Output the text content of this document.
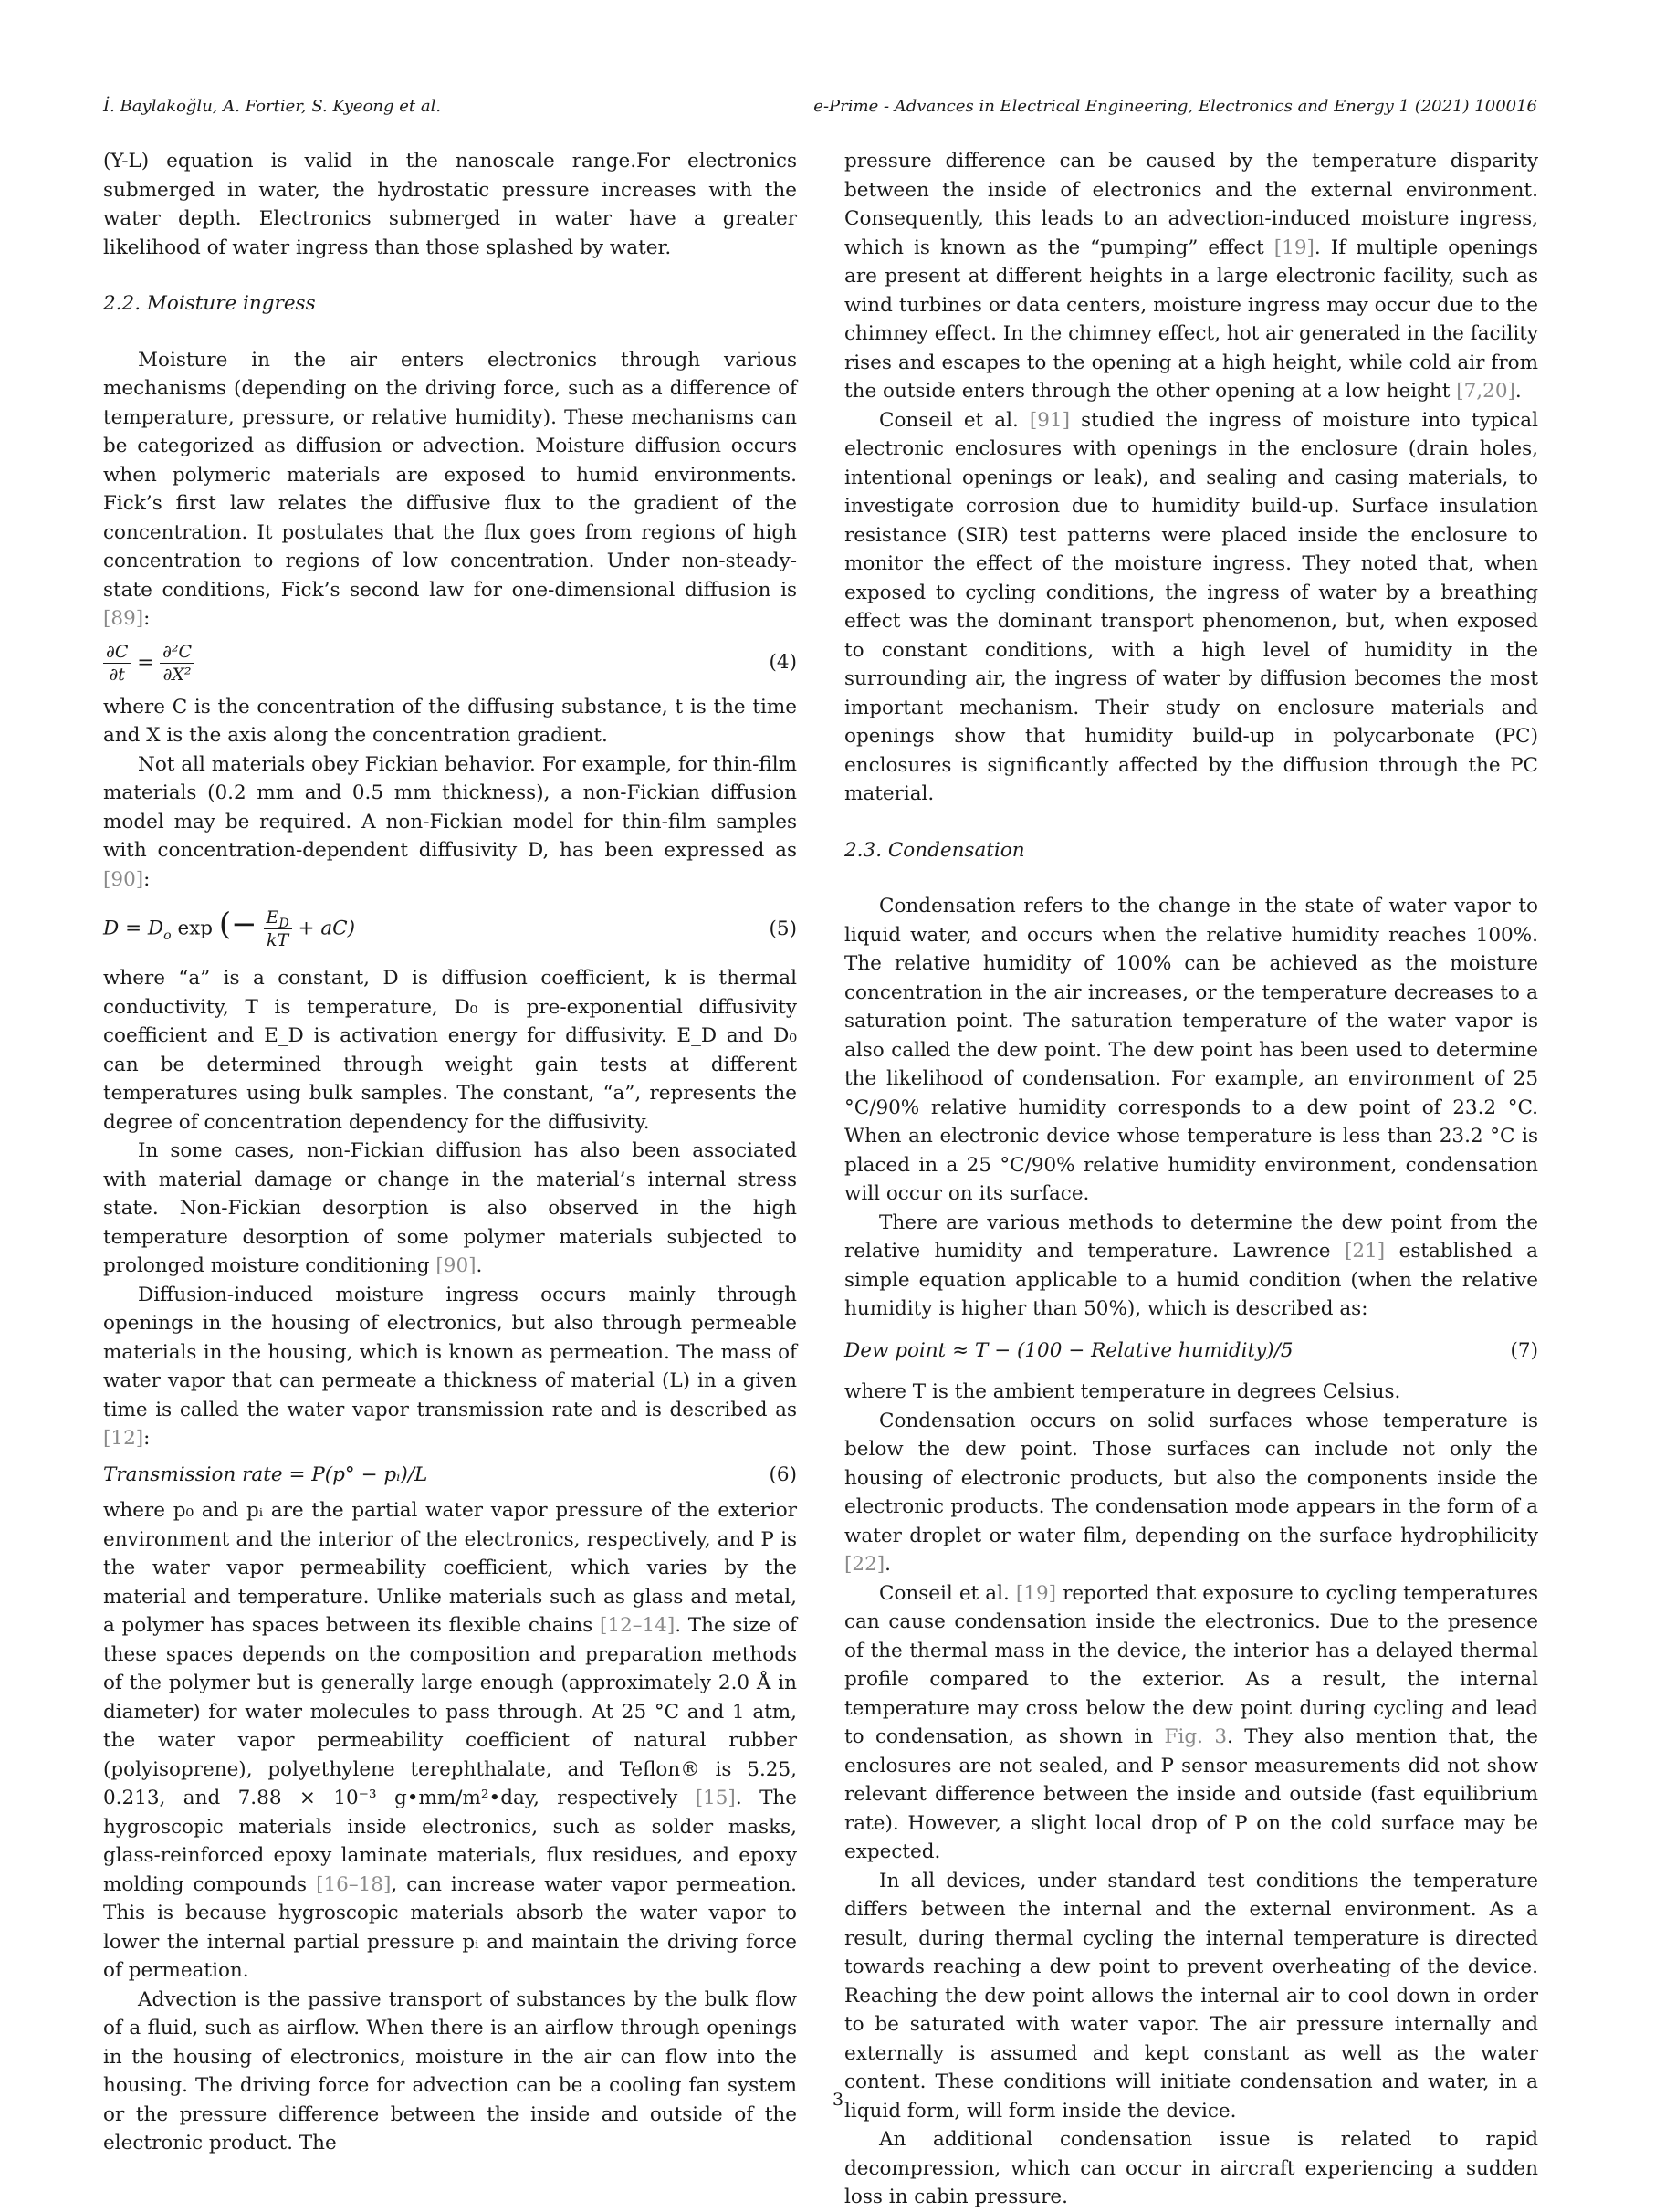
İ. Baylakoğlu, A. Fortier, S. Kyeong et al.	e-Prime - Advances in Electrical Engineering, Electronics and Energy 1 (2021) 100016

(Y-L) equation is valid in the nanoscale range.For electronics submerged in water, the hydrostatic pressure increases with the water depth. Electronics submerged in water have a greater likelihood of water ingress than those splashed by water.

2.2. Moisture ingress

Moisture in the air enters electronics through various mechanisms (depending on the driving force, such as a difference of temperature, pressure, or relative humidity). These mechanisms can be categorized as diffusion or advection. Moisture diffusion occurs when polymeric materials are exposed to humid environments. Fick’s first law relates the diffusive flux to the gradient of the concentration. It postulates that the flux goes from regions of high concentration to regions of low concentration. Under non-steady-state conditions, Fick’s second law for one-dimensional diffusion is [89]:

$\frac{\partial C}{\partial t} = \frac{\text{∂²C}}{\text{∂X²}}$	(4)

where C is the concentration of the diffusing substance, t is the time and X is the axis along the concentration gradient.

Not all materials obey Fickian behavior. For example, for thin-film materials (0.2 mm and 0.5 mm thickness), a non-Fickian diffusion model may be required. A non-Fickian model for thin-film samples with concentration-dependent diffusivity D, has been expressed as [90]:

$D = D_o$ exp (− $\frac{E_D}{kT} + aC$)	(5)

where “a” is a constant, D is diffusion coefficient, k is thermal conductivity, T is temperature, D₀ is pre-exponential diffusivity coefficient and E_D is activation energy for diffusivity. E_D and D₀ can be determined through weight gain tests at different temperatures using bulk samples. The constant, “a”, represents the degree of concentration dependency for the diffusivity.

In some cases, non-Fickian diffusion has also been associated with material damage or change in the material’s internal stress state. Non-Fickian desorption is also observed in the high temperature desorption of some polymer materials subjected to prolonged moisture conditioning [90].

Diffusion-induced moisture ingress occurs mainly through openings in the housing of electronics, but also through permeable materials in the housing, which is known as permeation. The mass of water vapor that can permeate a thickness of material (L) in a given time is called the water vapor transmission rate and is described as [12]:

Transmission rate = P(p° − pᵢ)/L	(6)

where p₀ and pᵢ are the partial water vapor pressure of the exterior environment and the interior of the electronics, respectively, and P is the water vapor permeability coefficient, which varies by the material and temperature. Unlike materials such as glass and metal, a polymer has spaces between its flexible chains [12–14]. The size of these spaces depends on the composition and preparation methods of the polymer but is generally large enough (approximately 2.0 Å in diameter) for water molecules to pass through. At 25 °C and 1 atm, the water vapor permeability coefficient of natural rubber (polyisoprene), polyethylene terephthalate, and Teflon® is 5.25, 0.213, and 7.88 × 10⁻³ g•mm/m²•day, respectively [15]. The hygroscopic materials inside electronics, such as solder masks, glass-reinforced epoxy laminate materials, flux residues, and epoxy molding compounds [16–18], can increase water vapor permeation. This is because hygroscopic materials absorb the water vapor to lower the internal partial pressure pᵢ and maintain the driving force of permeation.

Advection is the passive transport of substances by the bulk flow of a fluid, such as airflow. When there is an airflow through openings in the housing of electronics, moisture in the air can flow into the housing. The driving force for advection can be a cooling fan system or the pressure difference between the inside and outside of the electronic product. The

pressure difference can be caused by the temperature disparity between the inside of electronics and the external environment. Consequently, this leads to an advection-induced moisture ingress, which is known as the “pumping” effect [19]. If multiple openings are present at different heights in a large electronic facility, such as wind turbines or data centers, moisture ingress may occur due to the chimney effect. In the chimney effect, hot air generated in the facility rises and escapes to the opening at a high height, while cold air from the outside enters through the other opening at a low height [7,20].

Conseil et al. [91] studied the ingress of moisture into typical electronic enclosures with openings in the enclosure (drain holes, intentional openings or leak), and sealing and casing materials, to investigate corrosion due to humidity build-up. Surface insulation resistance (SIR) test patterns were placed inside the enclosure to monitor the effect of the moisture ingress. They noted that, when exposed to cycling conditions, the ingress of water by a breathing effect was the dominant transport phenomenon, but, when exposed to constant conditions, with a high level of humidity in the surrounding air, the ingress of water by diffusion becomes the most important mechanism. Their study on enclosure materials and openings show that humidity build-up in polycarbonate (PC) enclosures is significantly affected by the diffusion through the PC material.

2.3. Condensation

Condensation refers to the change in the state of water vapor to liquid water, and occurs when the relative humidity reaches 100%. The relative humidity of 100% can be achieved as the moisture concentration in the air increases, or the temperature decreases to a saturation point. The saturation temperature of the water vapor is also called the dew point. The dew point has been used to determine the likelihood of condensation. For example, an environment of 25 °C/90% relative humidity corresponds to a dew point of 23.2 °C. When an electronic device whose temperature is less than 23.2 °C is placed in a 25 °C/90% relative humidity environment, condensation will occur on its surface.

There are various methods to determine the dew point from the relative humidity and temperature. Lawrence [21] established a simple equation applicable to a humid condition (when the relative humidity is higher than 50%), which is described as:

Dew point ≈ T − (100 − Relative humidity)/5	(7)

where T is the ambient temperature in degrees Celsius.

Condensation occurs on solid surfaces whose temperature is below the dew point. Those surfaces can include not only the housing of electronic products, but also the components inside the electronic products. The condensation mode appears in the form of a water droplet or water film, depending on the surface hydrophilicity [22].

Conseil et al. [19] reported that exposure to cycling temperatures can cause condensation inside the electronics. Due to the presence of the thermal mass in the device, the interior has a delayed thermal profile compared to the exterior. As a result, the internal temperature may cross below the dew point during cycling and lead to condensation, as shown in Fig. 3. They also mention that, the enclosures are not sealed, and P sensor measurements did not show relevant difference between the inside and outside (fast equilibrium rate). However, a slight local drop of P on the cold surface may be expected.

In all devices, under standard test conditions the temperature differs between the internal and the external environment. As a result, during thermal cycling the internal temperature is directed towards reaching a dew point to prevent overheating of the device. Reaching the dew point allows the internal air to cool down in order to be saturated with water vapor. The air pressure internally and externally is assumed and kept constant as well as the water content. These conditions will initiate condensation and water, in a liquid form, will form inside the device.

An additional condensation issue is related to rapid decompression, which can occur in aircraft experiencing a sudden loss in cabin pressure.

3
